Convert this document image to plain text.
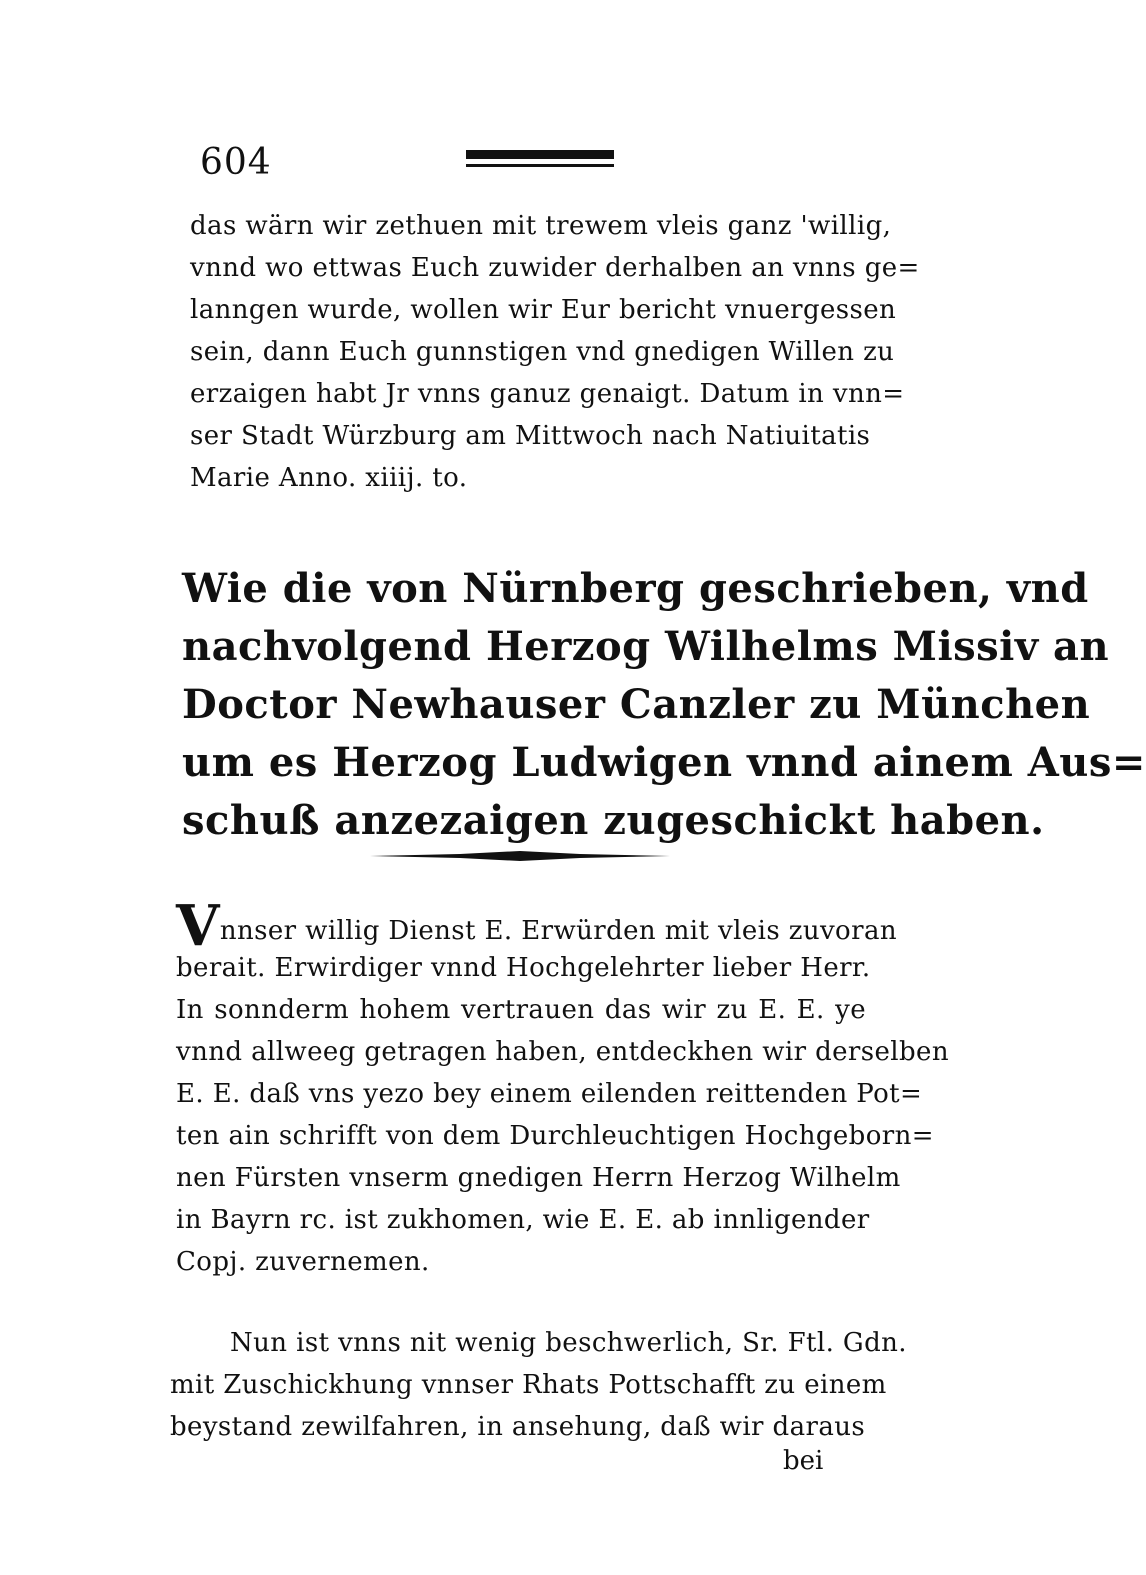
604
das wärn wir zethuen mit trewem vleis ganz 'willig,
vnnd wo ettwas Euch zuwider derhalben an vnns ge=
lanngen wurde, wollen wir Eur bericht vnuergessen
sein, dann Euch gunnstigen vnd gnedigen Willen zu
erzaigen habt Jr vnns ganuz genaigt. Datum in vnn=
ser Stadt Würzburg am Mittwoch nach Natiuitatis
Marie Anno. xiiij. to.
Wie die von Nürnberg geschrieben, vnd
nachvolgend Herzog Wilhelms Missiv an
Doctor Newhauser Canzler zu München
um es Herzog Ludwigen vnnd ainem Aus=
schuß anzezaigen zugeschickt haben.
Vnnser willig Dienst E. Erwürden mit vleis zuvoran
berait. Erwirdiger vnnd Hochgelehrter lieber Herr.
In sonnderm hohem vertrauen das wir zu E. E. ye
vnnd allweeg getragen haben, entdeckhen wir derselben
E. E. daß vns yezo bey einem eilenden reittenden Pot=
ten ain schrifft von dem Durchleuchtigen Hochgeborn=
nen Fürsten vnserm gnedigen Herrn Herzog Wilhelm
in Bayrn rc. ist zukhomen, wie E. E. ab innligender
Copj. zuvernemen.
Nun ist vnns nit wenig beschwerlich, Sr. Ftl. Gdn.
mit Zuschickhung vnnser Rhats Pottschafft zu einem
beystand zewilfahren, in ansehung, daß wir daraus
bei
